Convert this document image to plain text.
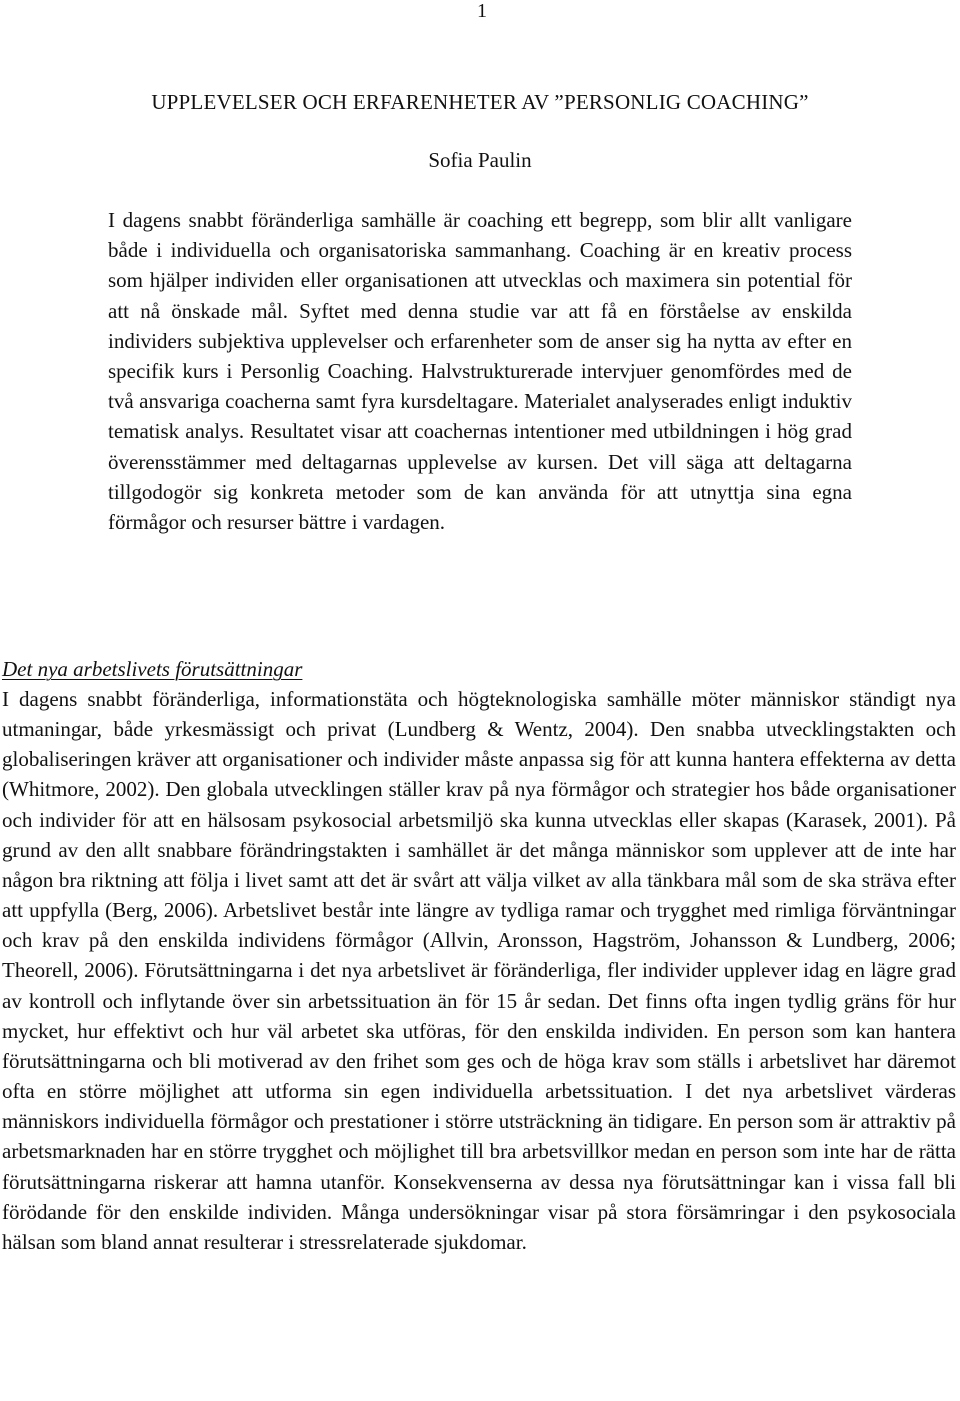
1
UPPLEVELSER OCH ERFARENHETER AV ”PERSONLIG COACHING”
Sofia Paulin

I dagens snabbt föränderliga samhälle är coaching ett begrepp, som blir allt vanligare både i individuella och organisatoriska sammanhang. Coaching är en kreativ process som hjälper individen eller organisationen att utvecklas och maximera sin potential för att nå önskade mål. Syftet med denna studie var att få en förståelse av enskilda individers subjektiva upplevelser och erfarenheter som de anser sig ha nytta av efter en specifik kurs i Personlig Coaching. Halvstrukturerade intervjuer genomfördes med de två ansvariga coacherna samt fyra kursdeltagare. Materialet analyserades enligt induktiv tematisk analys. Resultatet visar att coachernas intentioner med utbildningen i hög grad överensstämmer med deltagarnas upplevelse av kursen. Det vill säga att deltagarna tillgodogör sig konkreta metoder som de kan använda för att utnyttja sina egna förmågor och resurser bättre i vardagen.

Det nya arbetslivets förutsättningar

I dagens snabbt föränderliga, informationstäta och högteknologiska samhälle möter människor ständigt nya utmaningar, både yrkesmässigt och privat (Lundberg & Wentz, 2004). Den snabba utvecklingstakten och globaliseringen kräver att organisationer och individer måste anpassa sig för att kunna hantera effekterna av detta (Whitmore, 2002). Den globala utvecklingen ställer krav på nya förmågor och strategier hos både organisationer och individer för att en hälsosam psykosocial arbetsmiljö ska kunna utvecklas eller skapas (Karasek, 2001). På grund av den allt snabbare förändringstakten i samhället är det många människor som upplever att de inte har någon bra riktning att följa i livet samt att det är svårt att välja vilket av alla tänkbara mål som de ska sträva efter att uppfylla (Berg, 2006). Arbetslivet består inte längre av tydliga ramar och trygghet med rimliga förväntningar och krav på den enskilda individens förmågor (Allvin, Aronsson, Hagström, Johansson & Lundberg, 2006; Theorell, 2006). Förutsättningarna i det nya arbetslivet är föränderliga, fler individer upplever idag en lägre grad av kontroll och inflytande över sin arbetssituation än för 15 år sedan. Det finns ofta ingen tydlig gräns för hur mycket, hur effektivt och hur väl arbetet ska utföras, för den enskilda individen. En person som kan hantera förutsättningarna och bli motiverad av den frihet som ges och de höga krav som ställs i arbetslivet har däremot ofta en större möjlighet att utforma sin egen individuella arbetssituation. I det nya arbetslivet värderas människors individuella förmågor och prestationer i större utsträckning än tidigare. En person som är attraktiv på arbetsmarknaden har en större trygghet och möjlighet till bra arbetsvillkor medan en person som inte har de rätta förutsättningarna riskerar att hamna utanför. Konsekvenserna av dessa nya förutsättningar kan i vissa fall bli förödande för den enskilde individen. Många undersökningar visar på stora försämringar i den psykosociala hälsan som bland annat resulterar i stressrelaterade sjukdomar.
